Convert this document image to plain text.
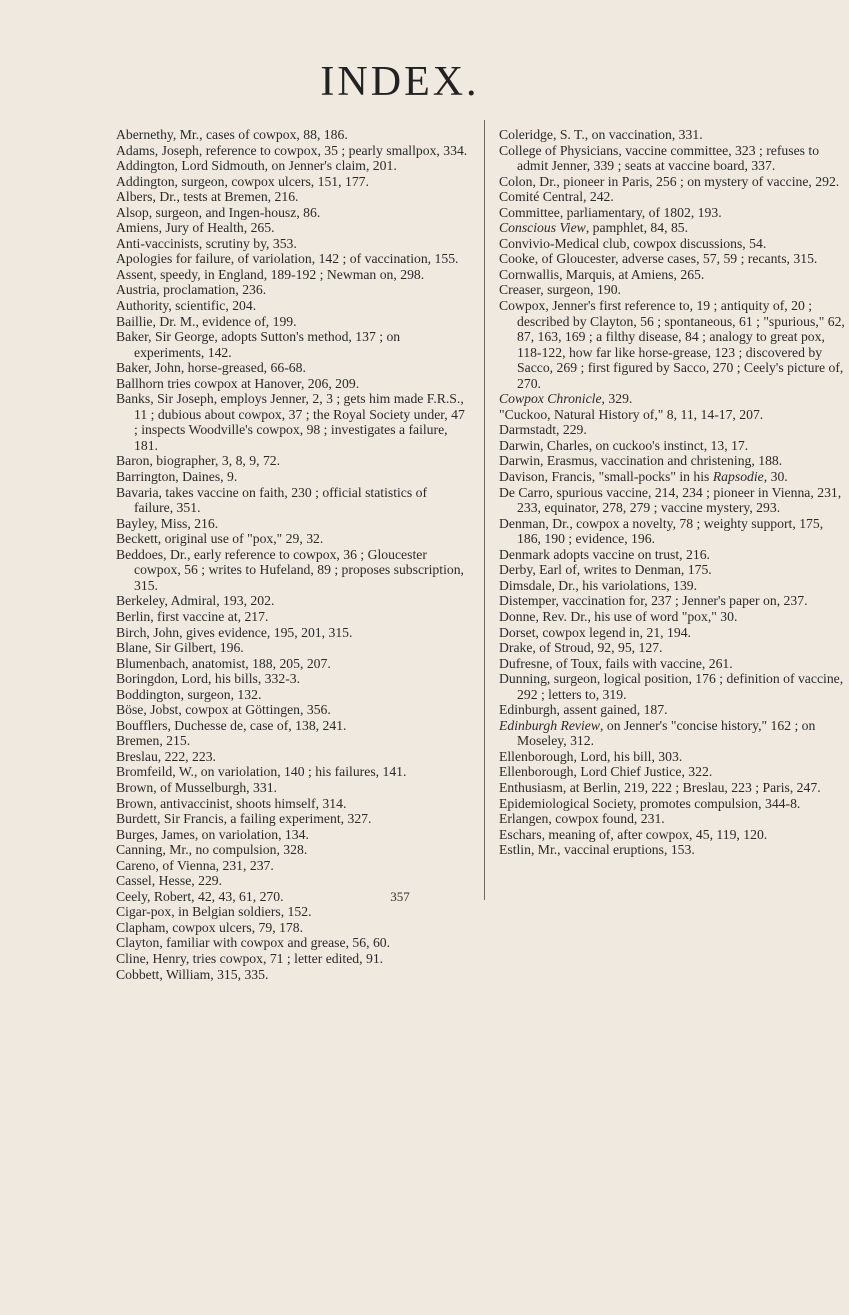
INDEX.

Abernethy, Mr., cases of cowpox, 88, 186.

Adams, Joseph, reference to cowpox, 35 ; pearly smallpox, 334.

Addington, Lord Sidmouth, on Jenner's claim, 201.

Addington, surgeon, cowpox ulcers, 151, 177.

Albers, Dr., tests at Bremen, 216.

Alsop, surgeon, and Ingen-housz, 86.

Amiens, Jury of Health, 265.

Anti-vaccinists, scrutiny by, 353.

Apologies for failure, of variolation, 142 ; of vaccination, 155.

Assent, speedy, in England, 189-192 ; Newman on, 298.

Austria, proclamation, 236.

Authority, scientific, 204.

Baillie, Dr. M., evidence of, 199.

Baker, Sir George, adopts Sutton's method, 137 ; on experiments, 142.

Baker, John, horse-greased, 66-68.

Ballhorn tries cowpox at Hanover, 206, 209.

Banks, Sir Joseph, employs Jenner, 2, 3 ; gets him made F.R.S., 11 ; dubious about cowpox, 37 ; the Royal Society under, 47 ; inspects Woodville's cowpox, 98 ; investigates a failure, 181.

Baron, biographer, 3, 8, 9, 72.

Barrington, Daines, 9.

Bavaria, takes vaccine on faith, 230 ; official statistics of failure, 351.

Bayley, Miss, 216.

Beckett, original use of "pox," 29, 32.

Beddoes, Dr., early reference to cowpox, 36 ; Gloucester cowpox, 56 ; writes to Hufeland, 89 ; proposes subscription, 315.

Berkeley, Admiral, 193, 202.

Berlin, first vaccine at, 217.

Birch, John, gives evidence, 195, 201, 315.

Blane, Sir Gilbert, 196.

Blumenbach, anatomist, 188, 205, 207.

Boringdon, Lord, his bills, 332-3.

Boddington, surgeon, 132.

Böse, Jobst, cowpox at Göttingen, 356.

Boufflers, Duchesse de, case of, 138, 241.

Bremen, 215.

Breslau, 222, 223.

Bromfeild, W., on variolation, 140 ; his failures, 141.

Brown, of Musselburgh, 331.

Brown, antivaccinist, shoots himself, 314.

Burdett, Sir Francis, a failing experiment, 327.

Burges, James, on variolation, 134.

Canning, Mr., no compulsion, 328.

Careno, of Vienna, 231, 237.

Cassel, Hesse, 229.

Ceely, Robert, 42, 43, 61, 270.

Cigar-pox, in Belgian soldiers, 152.

Clapham, cowpox ulcers, 79, 178.

Clayton, familiar with cowpox and grease, 56, 60.

Cline, Henry, tries cowpox, 71 ; letter edited, 91.

Cobbett, William, 315, 335.

Coleridge, S. T., on vaccination, 331.

College of Physicians, vaccine committee, 323 ; refuses to admit Jenner, 339 ; seats at vaccine board, 337.

Colon, Dr., pioneer in Paris, 256 ; on mystery of vaccine, 292.

Comité Central, 242.

Committee, parliamentary, of 1802, 193.

Conscious View, pamphlet, 84, 85.

Convivio-Medical club, cowpox discussions, 54.

Cooke, of Gloucester, adverse cases, 57, 59 ; recants, 315.

Cornwallis, Marquis, at Amiens, 265.

Creaser, surgeon, 190.

Cowpox, Jenner's first reference to, 19 ; antiquity of, 20 ; described by Clayton, 56 ; spontaneous, 61 ; "spurious," 62, 87, 163, 169 ; a filthy disease, 84 ; analogy to great pox, 118-122, how far like horse-grease, 123 ; discovered by Sacco, 269 ; first figured by Sacco, 270 ; Ceely's picture of, 270.

Cowpox Chronicle, 329.

"Cuckoo, Natural History of," 8, 11, 14-17, 207.

Darmstadt, 229.

Darwin, Charles, on cuckoo's instinct, 13, 17.

Darwin, Erasmus, vaccination and christening, 188.

Davison, Francis, "small-pocks" in his Rapsodie, 30.

De Carro, spurious vaccine, 214, 234 ; pioneer in Vienna, 231, 233, equinator, 278, 279 ; vaccine mystery, 293.

Denman, Dr., cowpox a novelty, 78 ; weighty support, 175, 186, 190 ; evidence, 196.

Denmark adopts vaccine on trust, 216.

Derby, Earl of, writes to Denman, 175.

Dimsdale, Dr., his variolations, 139.

Distemper, vaccination for, 237 ; Jenner's paper on, 237.

Donne, Rev. Dr., his use of word "pox," 30.

Dorset, cowpox legend in, 21, 194.

Drake, of Stroud, 92, 95, 127.

Dufresne, of Toux, fails with vaccine, 261.

Dunning, surgeon, logical position, 176 ; definition of vaccine, 292 ; letters to, 319.

Edinburgh, assent gained, 187.

Edinburgh Review, on Jenner's "concise history," 162 ; on Moseley, 312.

Ellenborough, Lord, his bill, 303.

Ellenborough, Lord Chief Justice, 322.

Enthusiasm, at Berlin, 219, 222 ; Breslau, 223 ; Paris, 247.

Epidemiological Society, promotes compulsion, 344-8.

Erlangen, cowpox found, 231.

Eschars, meaning of, after cowpox, 45, 119, 120.

Estlin, Mr., vaccinal eruptions, 153.

357
